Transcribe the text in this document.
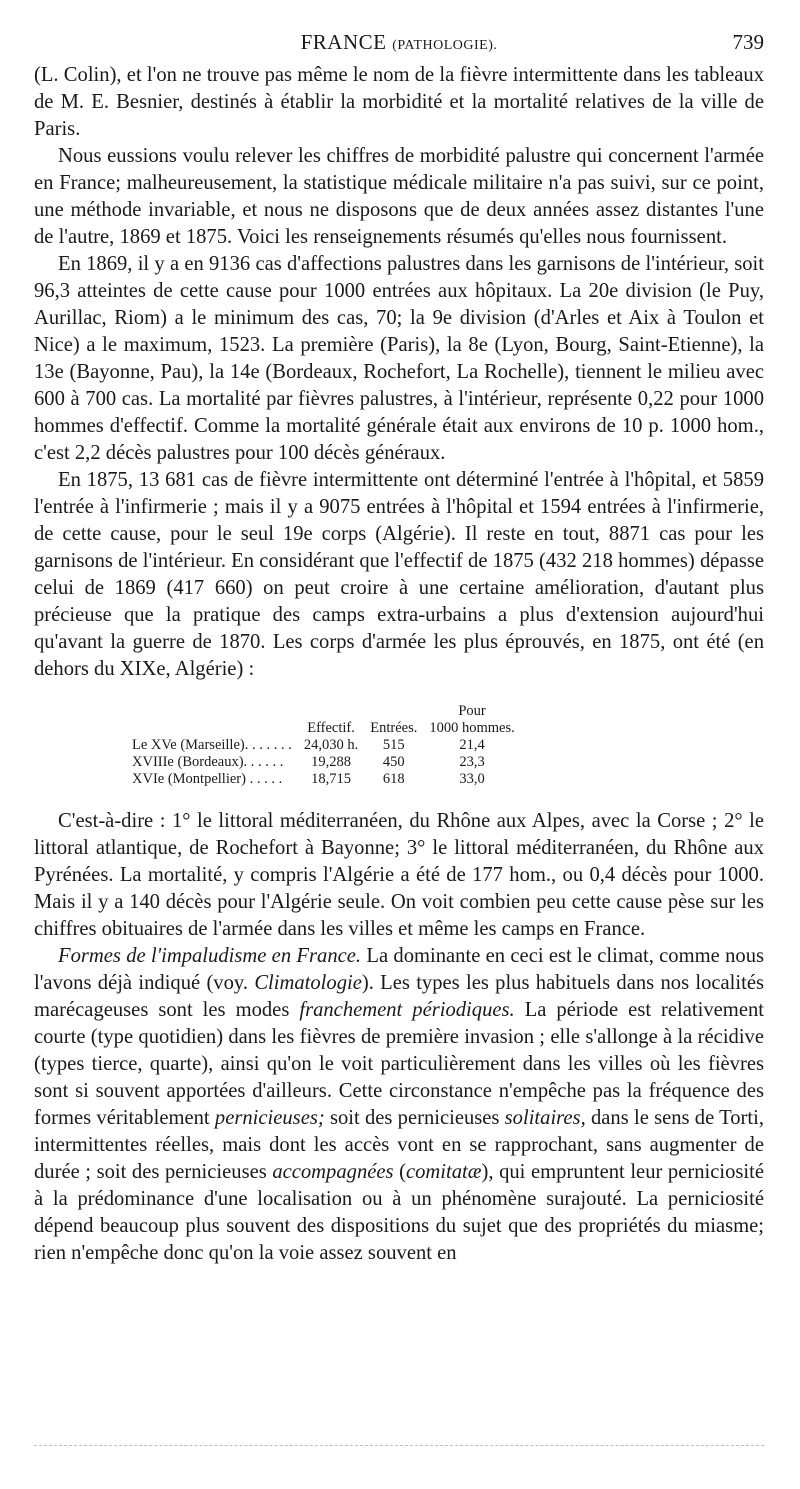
FRANCE (PATHOLOGIE).	739

(L. Colin), et l'on ne trouve pas même le nom de la fièvre intermittente dans les tableaux de M. E. Besnier, destinés à établir la morbidité et la mortalité relatives de la ville de Paris.

Nous eussions voulu relever les chiffres de morbidité palustre qui concernent l'armée en France; malheureusement, la statistique médicale militaire n'a pas suivi, sur ce point, une méthode invariable, et nous ne disposons que de deux années assez distantes l'une de l'autre, 1869 et 1875. Voici les renseignements résumés qu'elles nous fournissent.

En 1869, il y a en 9136 cas d'affections palustres dans les garnisons de l'intérieur, soit 96,3 atteintes de cette cause pour 1000 entrées aux hôpitaux. La 20e division (le Puy, Aurillac, Riom) a le minimum des cas, 70; la 9e division (d'Arles et Aix à Toulon et Nice) a le maximum, 1523. La première (Paris), la 8e (Lyon, Bourg, Saint-Etienne), la 13e (Bayonne, Pau), la 14e (Bordeaux, Rochefort, La Rochelle), tiennent le milieu avec 600 à 700 cas. La mortalité par fièvres palustres, à l'intérieur, représente 0,22 pour 1000 hommes d'effectif. Comme la mortalité générale était aux environs de 10 p. 1000 hom., c'est 2,2 décès palustres pour 100 décès généraux.

En 1875, 13 681 cas de fièvre intermittente ont déterminé l'entrée à l'hôpital, et 5859 l'entrée à l'infirmerie ; mais il y a 9075 entrées à l'hôpital et 1594 entrées à l'infirmerie, de cette cause, pour le seul 19e corps (Algérie). Il reste en tout, 8871 cas pour les garnisons de l'intérieur. En considérant que l'effectif de 1875 (432 218 hommes) dépasse celui de 1869 (417 660) on peut croire à une certaine amélioration, d'autant plus précieuse que la pratique des camps extra-urbains a plus d'extension aujourd'hui qu'avant la guerre de 1870. Les corps d'armée les plus éprouvés, en 1875, ont été (en dehors du XIXe, Algérie) :

			Pour
	Effectif.	Entrées.	1000 hommes.
Le XVe (Marseille). . . . . . .	24,030 h.	515	21,4
XVIIIe (Bordeaux). . . . . .	19,288	450	23,3
XVIe (Montpellier) . . . . .	18,715	618	33,0

C'est-à-dire : 1° le littoral méditerranéen, du Rhône aux Alpes, avec la Corse ; 2° le littoral atlantique, de Rochefort à Bayonne; 3° le littoral méditerranéen, du Rhône aux Pyrénées. La mortalité, y compris l'Algérie a été de 177 hom., ou 0,4 décès pour 1000. Mais il y a 140 décès pour l'Algérie seule. On voit combien peu cette cause pèse sur les chiffres obituaires de l'armée dans les villes et même les camps en France.

Formes de l'impaludisme en France. La dominante en ceci est le climat, comme nous l'avons déjà indiqué (voy. Climatologie). Les types les plus habituels dans nos localités marécageuses sont les modes franchement périodiques. La période est relativement courte (type quotidien) dans les fièvres de première invasion ; elle s'allonge à la récidive (types tierce, quarte), ainsi qu'on le voit particulièrement dans les villes où les fièvres sont si souvent apportées d'ailleurs. Cette circonstance n'empêche pas la fréquence des formes véritablement pernicieuses; soit des pernicieuses solitaires, dans le sens de Torti, intermittentes réelles, mais dont les accès vont en se rapprochant, sans augmenter de durée ; soit des pernicieuses accompagnées (comitatæ), qui empruntent leur perniciosité à la prédominance d'une localisation ou à un phénomène surajouté. La perniciosité dépend beaucoup plus souvent des dispositions du sujet que des propriétés du miasme; rien n'empêche donc qu'on la voie assez souvent en
